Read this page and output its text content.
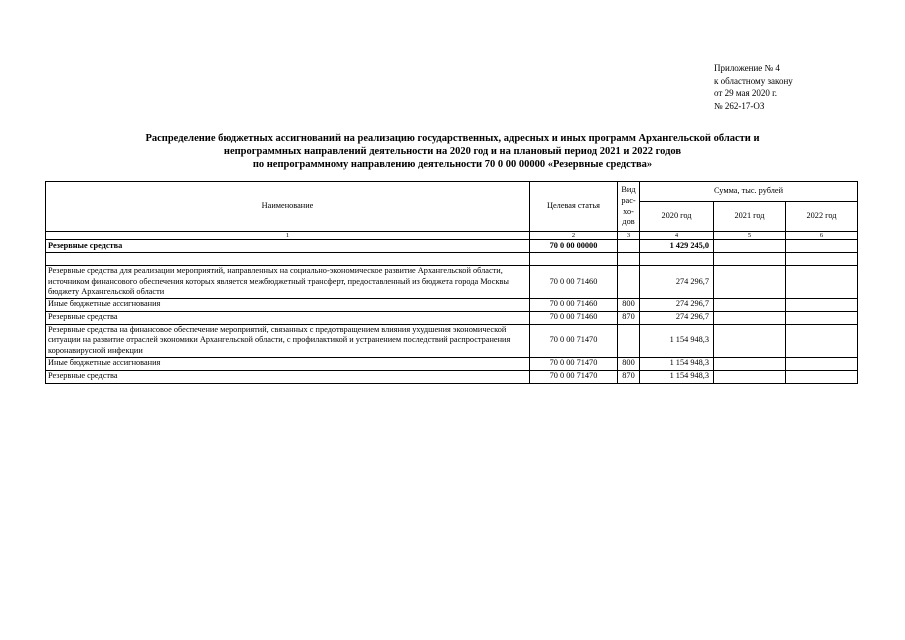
Приложение № 4
к областному закону
от 29 мая 2020 г.
№ 262-17-ОЗ
Распределение бюджетных ассигнований на реализацию государственных, адресных и иных программ Архангельской области и
непрограммных направлений деятельности на 2020 год и на плановый период 2021 и 2022 годов
по непрограммному направлению деятельности 70 0 00 00000 «Резервные средства»
Наименование	Целевая статья	Вид рас-хо-дов	Сумма, тыс. рублей		
			2020 год	2021 год	2022 год
1	2	3	4	5	6
Резервные средства	70 0 00 00000		1 429 245,0		

Резервные средства для реализации мероприятий, направленных на социально-экономическое развитие Архангельской области, источником финансового обеспечения которых является межбюджетный трансферт, предоставленный из бюджета города Москвы бюджету Архангельской области	70 0 00 71460		274 296,7		
Иные бюджетные ассигнования	70 0 00 71460	800	274 296,7		
Резервные средства	70 0 00 71460	870	274 296,7		
Резервные средства на финансовое обеспечение мероприятий, связанных с предотвращением влияния ухудшения экономической ситуации на развитие отраслей экономики Архангельской области, с профилактикой и устранением последствий распространения коронавирусной инфекции	70 0 00 71470		1 154 948,3		
Иные бюджетные ассигнования	70 0 00 71470	800	1 154 948,3		
Резервные средства	70 0 00 71470	870	1 154 948,3		
